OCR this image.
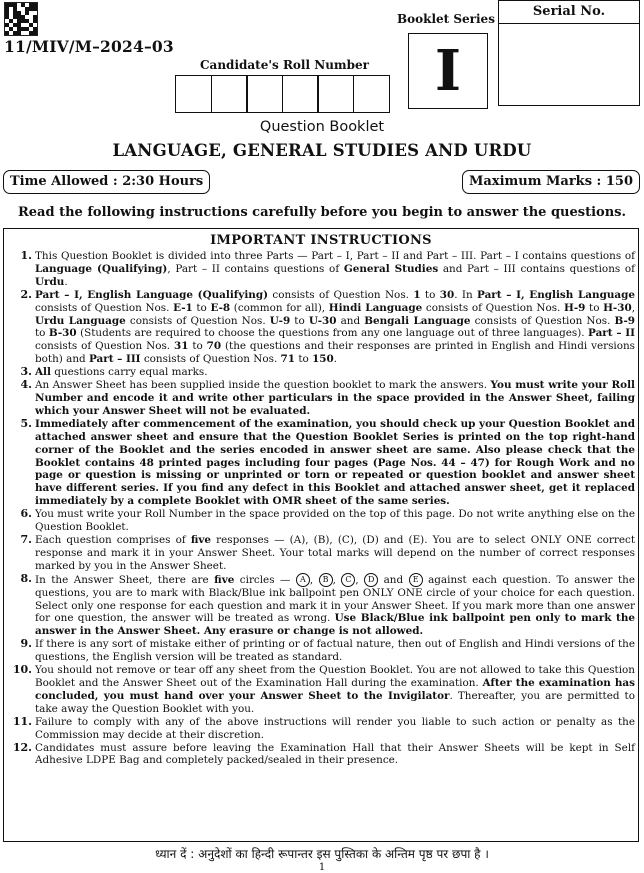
11/MIV/M–2024–03
Candidate's Roll Number
Booklet Series
I
Serial No.
Question Booklet
LANGUAGE, GENERAL STUDIES AND URDU
Time Allowed : 2:30 Hours	Maximum Marks : 150
Read the following instructions carefully before you begin to answer the questions.
IMPORTANT INSTRUCTIONS
1. This Question Booklet is divided into three Parts — Part – I, Part – II and Part – III. Part – I contains questions of Language (Qualifying), Part – II contains questions of General Studies and Part – III contains questions of Urdu.
2. Part – I, English Language (Qualifying) consists of Question Nos. 1 to 30. In Part – I, English Language consists of Question Nos. E-1 to E-8 (common for all), Hindi Language consists of Question Nos. H-9 to H-30, Urdu Language consists of Question Nos. U-9 to U-30 and Bengali Language consists of Question Nos. B-9 to B-30 (Students are required to choose the questions from any one language out of three languages). Part – II consists of Question Nos. 31 to 70 (the questions and their responses are printed in English and Hindi versions both) and Part – III consists of Question Nos. 71 to 150.
3. All questions carry equal marks.
4. An Answer Sheet has been supplied inside the question booklet to mark the answers. You must write your Roll Number and encode it and write other particulars in the space provided in the Answer Sheet, failing which your Answer Sheet will not be evaluated.
5. Immediately after commencement of the examination, you should check up your Question Booklet and attached answer sheet and ensure that the Question Booklet Series is printed on the top right-hand corner of the Booklet and the series encoded in answer sheet are same. Also please check that the Booklet contains 48 printed pages including four pages (Page Nos. 44 – 47) for Rough Work and no page or question is missing or unprinted or torn or repeated or question booklet and answer sheet have different series. If you find any defect in this Booklet and attached answer sheet, get it replaced immediately by a complete Booklet with OMR sheet of the same series.
6. You must write your Roll Number in the space provided on the top of this page. Do not write anything else on the Question Booklet.
7. Each question comprises of five responses — (A), (B), (C), (D) and (E). You are to select ONLY ONE correct response and mark it in your Answer Sheet. Your total marks will depend on the number of correct responses marked by you in the Answer Sheet.
8. In the Answer Sheet, there are five circles — A , B , C , D and E against each question. To answer the questions, you are to mark with Black/Blue ink ballpoint pen ONLY ONE circle of your choice for each question. Select only one response for each question and mark it in your Answer Sheet. If you mark more than one answer for one question, the answer will be treated as wrong. Use Black/Blue ink ballpoint pen only to mark the answer in the Answer Sheet. Any erasure or change is not allowed.
9. If there is any sort of mistake either of printing or of factual nature, then out of English and Hindi versions of the questions, the English version will be treated as standard.
10. You should not remove or tear off any sheet from the Question Booklet. You are not allowed to take this Question Booklet and the Answer Sheet out of the Examination Hall during the examination. After the examination has concluded, you must hand over your Answer Sheet to the Invigilator. Thereafter, you are permitted to take away the Question Booklet with you.
11. Failure to comply with any of the above instructions will render you liable to such action or penalty as the Commission may decide at their discretion.
12. Candidates must assure before leaving the Examination Hall that their Answer Sheets will be kept in Self Adhesive LDPE Bag and completely packed/sealed in their presence.
ध्यान दें : अनुदेशों का हिन्दी रूपान्तर इस पुस्तिका के अन्तिम पृष्ठ पर छपा है ।
1
